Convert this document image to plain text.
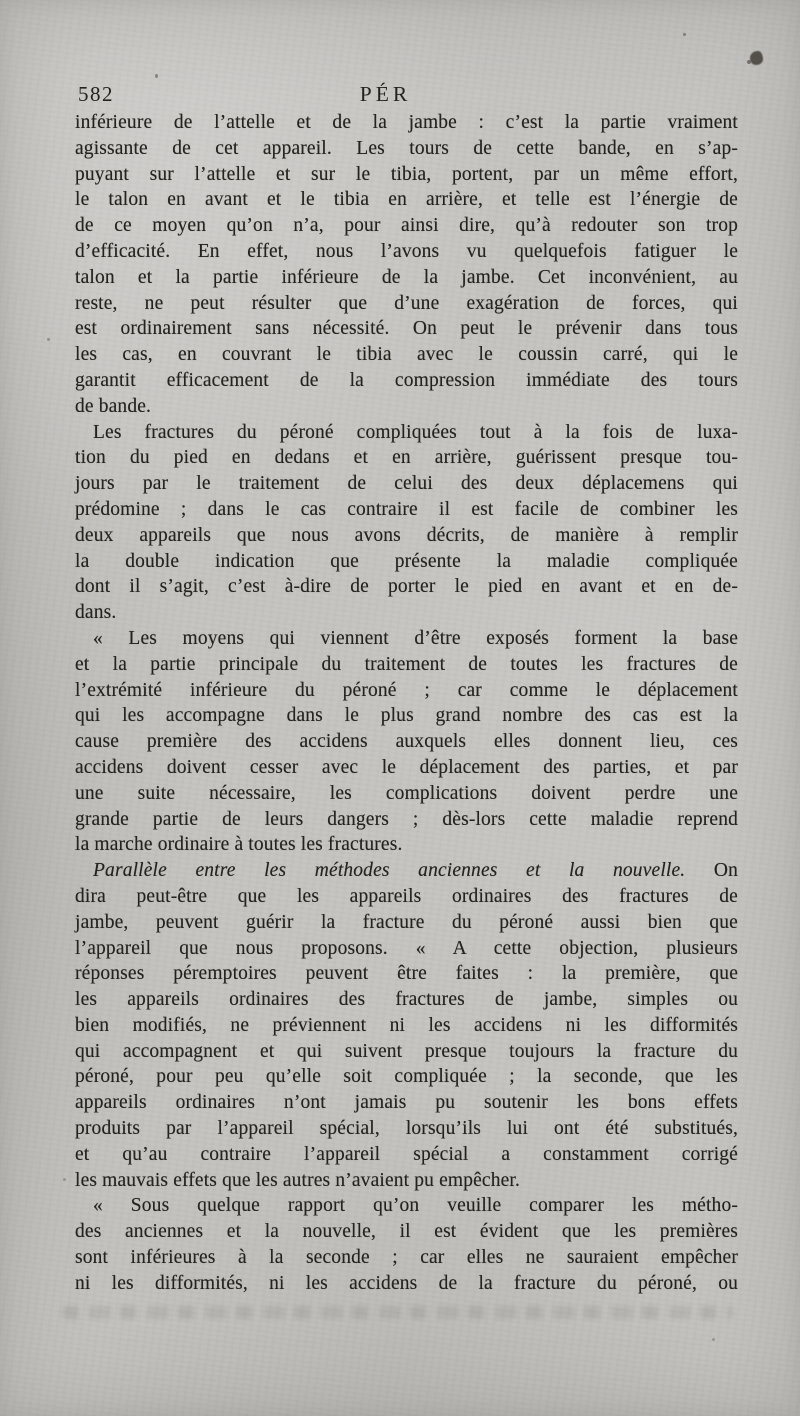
582	PÉR
inférieure de l’attelle et de la jambe : c’est la partie vraiment
agissante de cet appareil. Les tours de cette bande, en s’ap-
puyant sur l’attelle et sur le tibia, portent, par un même effort,
le talon en avant et le tibia en arrière, et telle est l’énergie de
de ce moyen qu’on n’a, pour ainsi dire, qu’à redouter son trop
d’efficacité. En effet, nous l’avons vu quelquefois fatiguer le
talon et la partie inférieure de la jambe. Cet inconvénient, au
reste, ne peut résulter que d’une exagération de forces, qui
est ordinairement sans nécessité. On peut le prévenir dans tous
les cas, en couvrant le tibia avec le coussin carré, qui le
garantit efficacement de la compression immédiate des tours
de bande.
Les fractures du péroné compliquées tout à la fois de luxa-
tion du pied en dedans et en arrière, guérissent presque tou-
jours par le traitement de celui des deux déplacemens qui
prédomine ; dans le cas contraire il est facile de combiner les
deux appareils que nous avons décrits, de manière à remplir
la double indication que présente la maladie compliquée
dont il s’agit, c’est à-dire de porter le pied en avant et en de-
dans.
« Les moyens qui viennent d’être exposés forment la base
et la partie principale du traitement de toutes les fractures de
l’extrémité inférieure du péroné ; car comme le déplacement
qui les accompagne dans le plus grand nombre des cas est la
cause première des accidens auxquels elles donnent lieu, ces
accidens doivent cesser avec le déplacement des parties, et par
une suite nécessaire, les complications doivent perdre une
grande partie de leurs dangers ; dès-lors cette maladie reprend
la marche ordinaire à toutes les fractures.
Parallèle entre les méthodes anciennes et la nouvelle. On
dira peut-être que les appareils ordinaires des fractures de
jambe, peuvent guérir la fracture du péroné aussi bien que
l’appareil que nous proposons. « A cette objection, plusieurs
réponses péremptoires peuvent être faites : la première, que
les appareils ordinaires des fractures de jambe, simples ou
bien modifiés, ne préviennent ni les accidens ni les difformités
qui accompagnent et qui suivent presque toujours la fracture du
péroné, pour peu qu’elle soit compliquée ; la seconde, que les
appareils ordinaires n’ont jamais pu soutenir les bons effets
produits par l’appareil spécial, lorsqu’ils lui ont été substitués,
et qu’au contraire l’appareil spécial a constamment corrigé
les mauvais effets que les autres n’avaient pu empêcher.
« Sous quelque rapport qu’on veuille comparer les métho-
des anciennes et la nouvelle, il est évident que les premières
sont inférieures à la seconde ; car elles ne sauraient empêcher
ni les difformités, ni les accidens de la fracture du péroné, ou
